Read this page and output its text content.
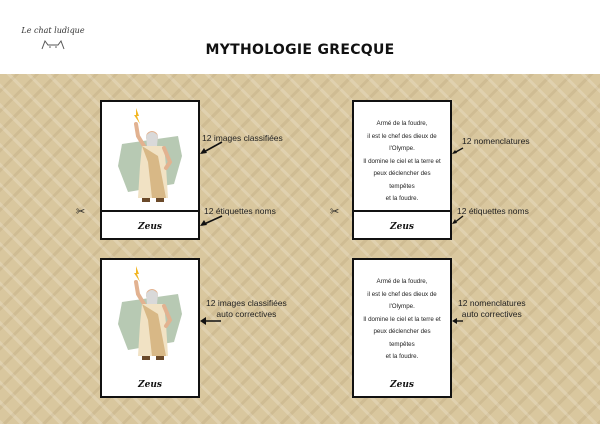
Le chat ludique
MYTHOLOGIE GRECQUE
Zeus
12 images classifiées
✂	12 étiquettes noms
Armé de la foudre,
il est le chef des dieux de
l'Olympe.
Il domine le ciel et la terre et
peux déclencher des tempêtes
et la foudre.
Zeus
12 nomenclatures
✂	12 étiquettes noms
Zeus
12 images classifiées
auto correctives
Armé de la foudre,
il est le chef des dieux de
l'Olympe.
Il domine le ciel et la terre et
peux déclencher des tempêtes
et la foudre.
Zeus
12 nomenclatures
auto correctives
